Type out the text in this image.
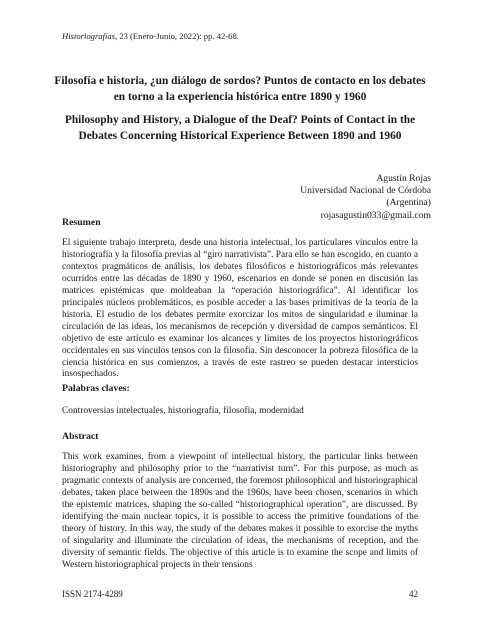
Historiografías, 23 (Enero-Junio, 2022): pp. 42-68.
Filosofía e historia, ¿un diálogo de sordos? Puntos de contacto en los debates en torno a la experiencia histórica entre 1890 y 1960
Philosophy and History, a Dialogue of the Deaf? Points of Contact in the Debates Concerning Historical Experience Between 1890 and 1960
Agustín Rojas
Universidad Nacional de Córdoba
(Argentina)
rojasagustin033@gmail.com
Resumen

El siguiente trabajo interpreta, desde una historia intelectual, los particulares vínculos entre la historiografía y la filosofía previas al “giro narrativista”. Para ello se han escogido, en cuanto a contextos pragmáticos de análisis, los debates filosóficos e historiográficos más relevantes ocurridos entre las décadas de 1890 y 1960, escenarios en donde se ponen en discusión las matrices epistémicas que moldeaban la “operación historiográfica”. Al identificar los principales núcleos problemáticos, es posible acceder a las bases primitivas de la teoría de la historia. El estudio de los debates permite exorcizar los mitos de singularidad e iluminar la circulación de las ideas, los mecanismos de recepción y diversidad de campos semánticos. El objetivo de este artículo es examinar los alcances y límites de los proyectos historiográficos occidentales en sus vínculos tensos con la filosofía. Sin desconocer la pobreza filosófica de la ciencia histórica en sus comienzos, a través de este rastreo se pueden destacar intersticios insospechados.

Palabras claves:
Controversias intelectuales, historiografía, filosofía, modernidad
Abstract

This work examines, from a viewpoint of intellectual history, the particular links between historiography and philosophy prior to the “narrativist turn”. For this purpose, as much as pragmatic contexts of analysis are concerned, the foremost philosophical and historiographical debates, taken place between the 1890s and the 1960s, have been chosen, scenarios in which the epistemic matrices, shaping the so-called “historiographical operation”, are discussed. By identifying the main nuclear topics, it is possible to access the primitive foundations of the theory of history. In this way, the study of the debates makes it possible to exorcise the myths of singularity and illuminate the circulation of ideas, the mechanisms of reception, and the diversity of semantic fields. The objective of this article is to examine the scope and limits of Western historiographical projects in their tensions

ISSN 2174-4289	42
